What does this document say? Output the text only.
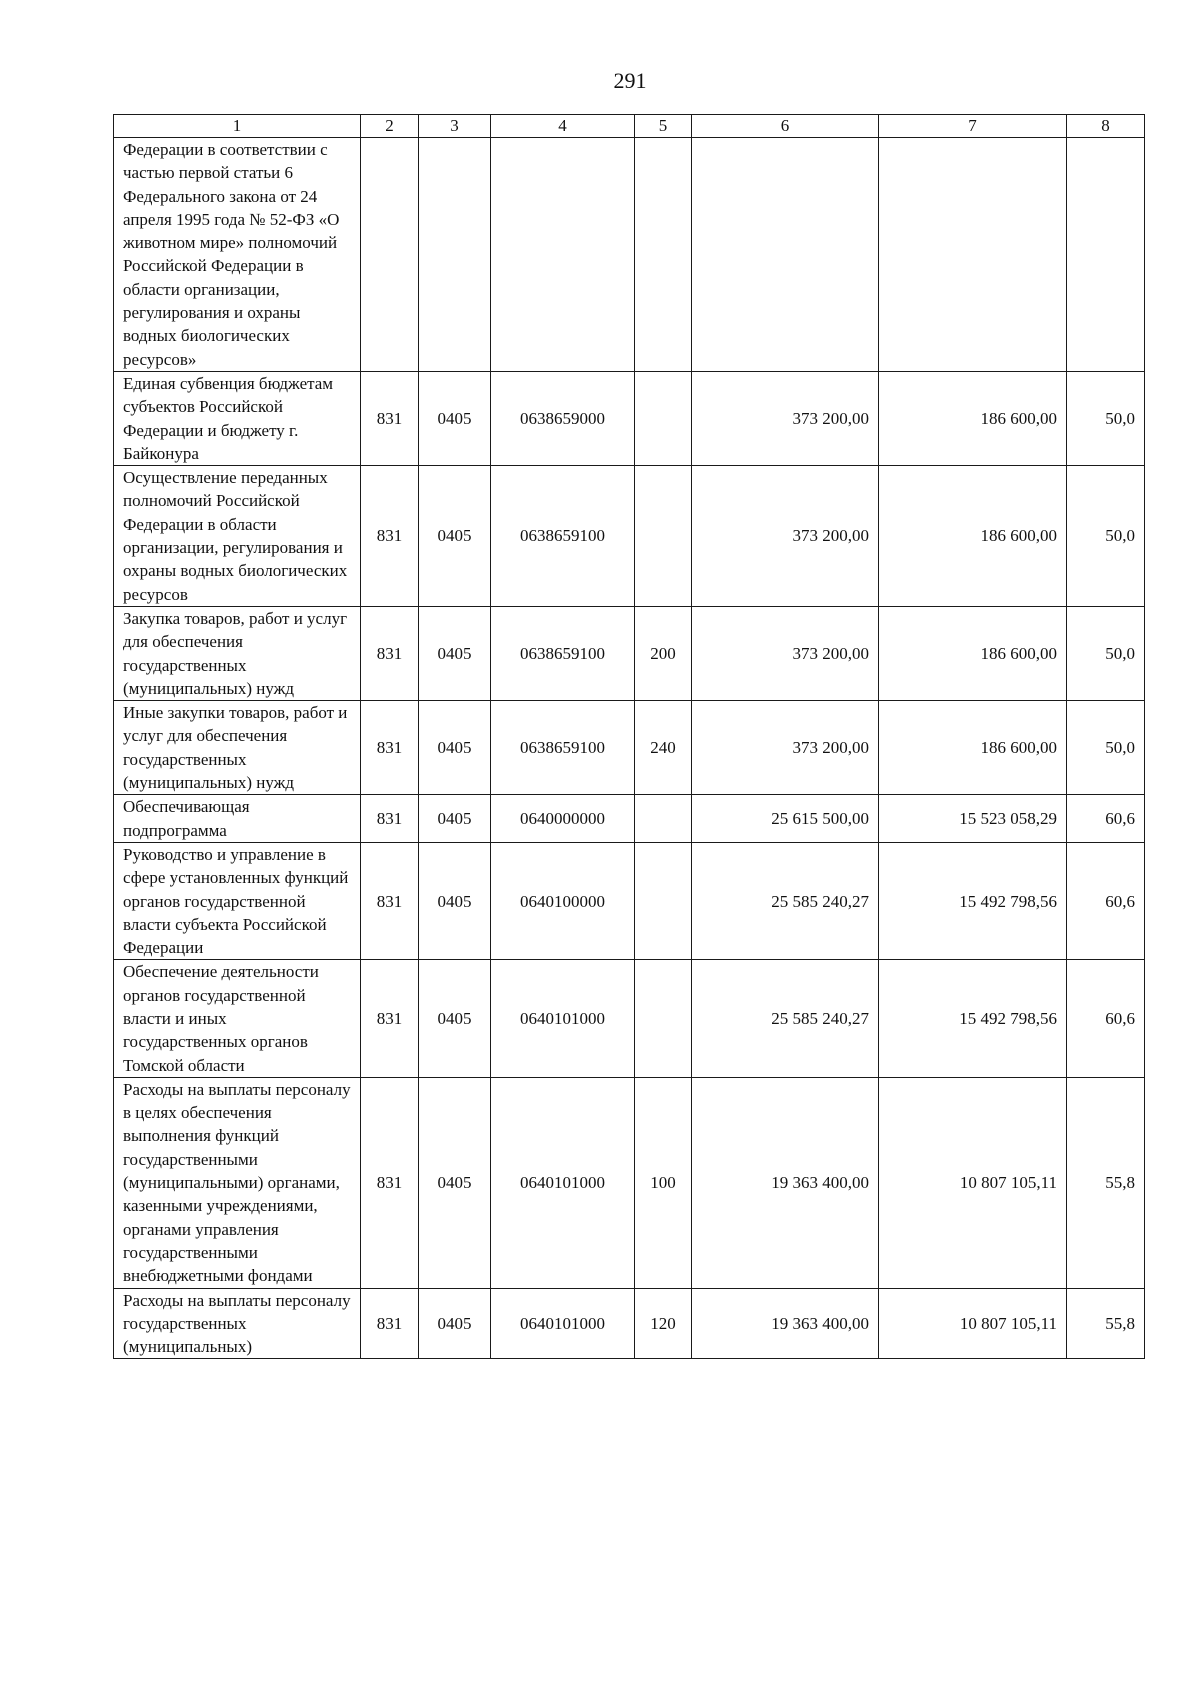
291
1	2	3	4	5	6	7	8
Федерации в соответствии с частью первой статьи 6 Федерального закона от 24 апреля 1995 года № 52-ФЗ «О животном мире» полномочий Российской Федерации в области организации, регулирования и охраны водных биологических ресурсов»							
Единая субвенция бюджетам субъектов Российской Федерации и бюджету г. Байконура	831	0405	0638659000		373 200,00	186 600,00	50,0
Осуществление переданных полномочий Российской Федерации в области организации, регулирования и охраны водных биологических ресурсов	831	0405	0638659100		373 200,00	186 600,00	50,0
Закупка товаров, работ и услуг для обеспечения государственных (муниципальных) нужд	831	0405	0638659100	200	373 200,00	186 600,00	50,0
Иные закупки товаров, работ и услуг для обеспечения государственных (муниципальных) нужд	831	0405	0638659100	240	373 200,00	186 600,00	50,0
Обеспечивающая подпрограмма	831	0405	0640000000		25 615 500,00	15 523 058,29	60,6
Руководство и управление в сфере установленных функций органов государственной власти субъекта Российской Федерации	831	0405	0640100000		25 585 240,27	15 492 798,56	60,6
Обеспечение деятельности органов государственной власти и иных государственных органов Томской области	831	0405	0640101000		25 585 240,27	15 492 798,56	60,6
Расходы на выплаты персоналу в целях обеспечения выполнения функций государственными (муниципальными) органами, казенными учреждениями, органами управления государственными внебюджетными фондами	831	0405	0640101000	100	19 363 400,00	10 807 105,11	55,8
Расходы на выплаты персоналу государственных (муниципальных)	831	0405	0640101000	120	19 363 400,00	10 807 105,11	55,8
